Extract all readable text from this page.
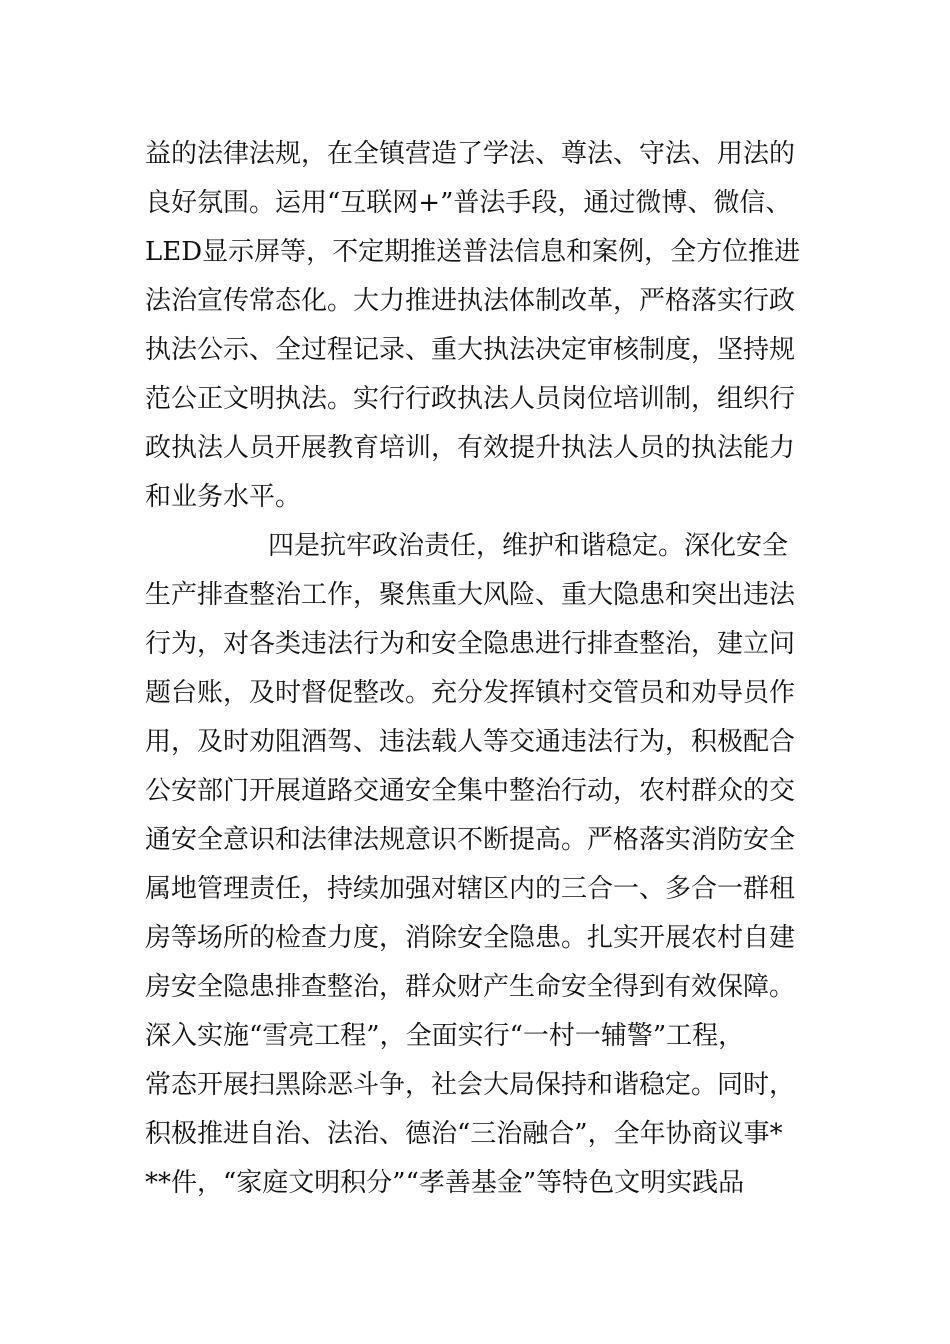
益的法律法规，在全镇营造了学法、尊法、守法、用法的
良好氛围。运用“互联网+”普法手段，通过微博、微信、
LED显示屏等，不定期推送普法信息和案例，全方位推进
法治宣传常态化。大力推进执法体制改革，严格落实行政
执法公示、全过程记录、重大执法决定审核制度，坚持规
范公正文明执法。实行行政执法人员岗位培训制，组织行
政执法人员开展教育培训，有效提升执法人员的执法能力
和业务水平。
四是抗牢政治责任，维护和谐稳定。深化安全
生产排查整治工作，聚焦重大风险、重大隐患和突出违法
行为，对各类违法行为和安全隐患进行排查整治，建立问
题台账，及时督促整改。充分发挥镇村交管员和劝导员作
用，及时劝阻酒驾、违法载人等交通违法行为，积极配合
公安部门开展道路交通安全集中整治行动，农村群众的交
通安全意识和法律法规意识不断提高。严格落实消防安全
属地管理责任，持续加强对辖区内的三合一、多合一群租
房等场所的检查力度，消除安全隐患。扎实开展农村自建
房安全隐患排查整治，群众财产生命安全得到有效保障。
深入实施“雪亮工程”，全面实行“一村一辅警”工程，
常态开展扫黑除恶斗争，社会大局保持和谐稳定。同时，
积极推进自治、法治、德治“三治融合”，全年协商议事*
**件，“家庭文明积分”“孝善基金”等特色文明实践品
